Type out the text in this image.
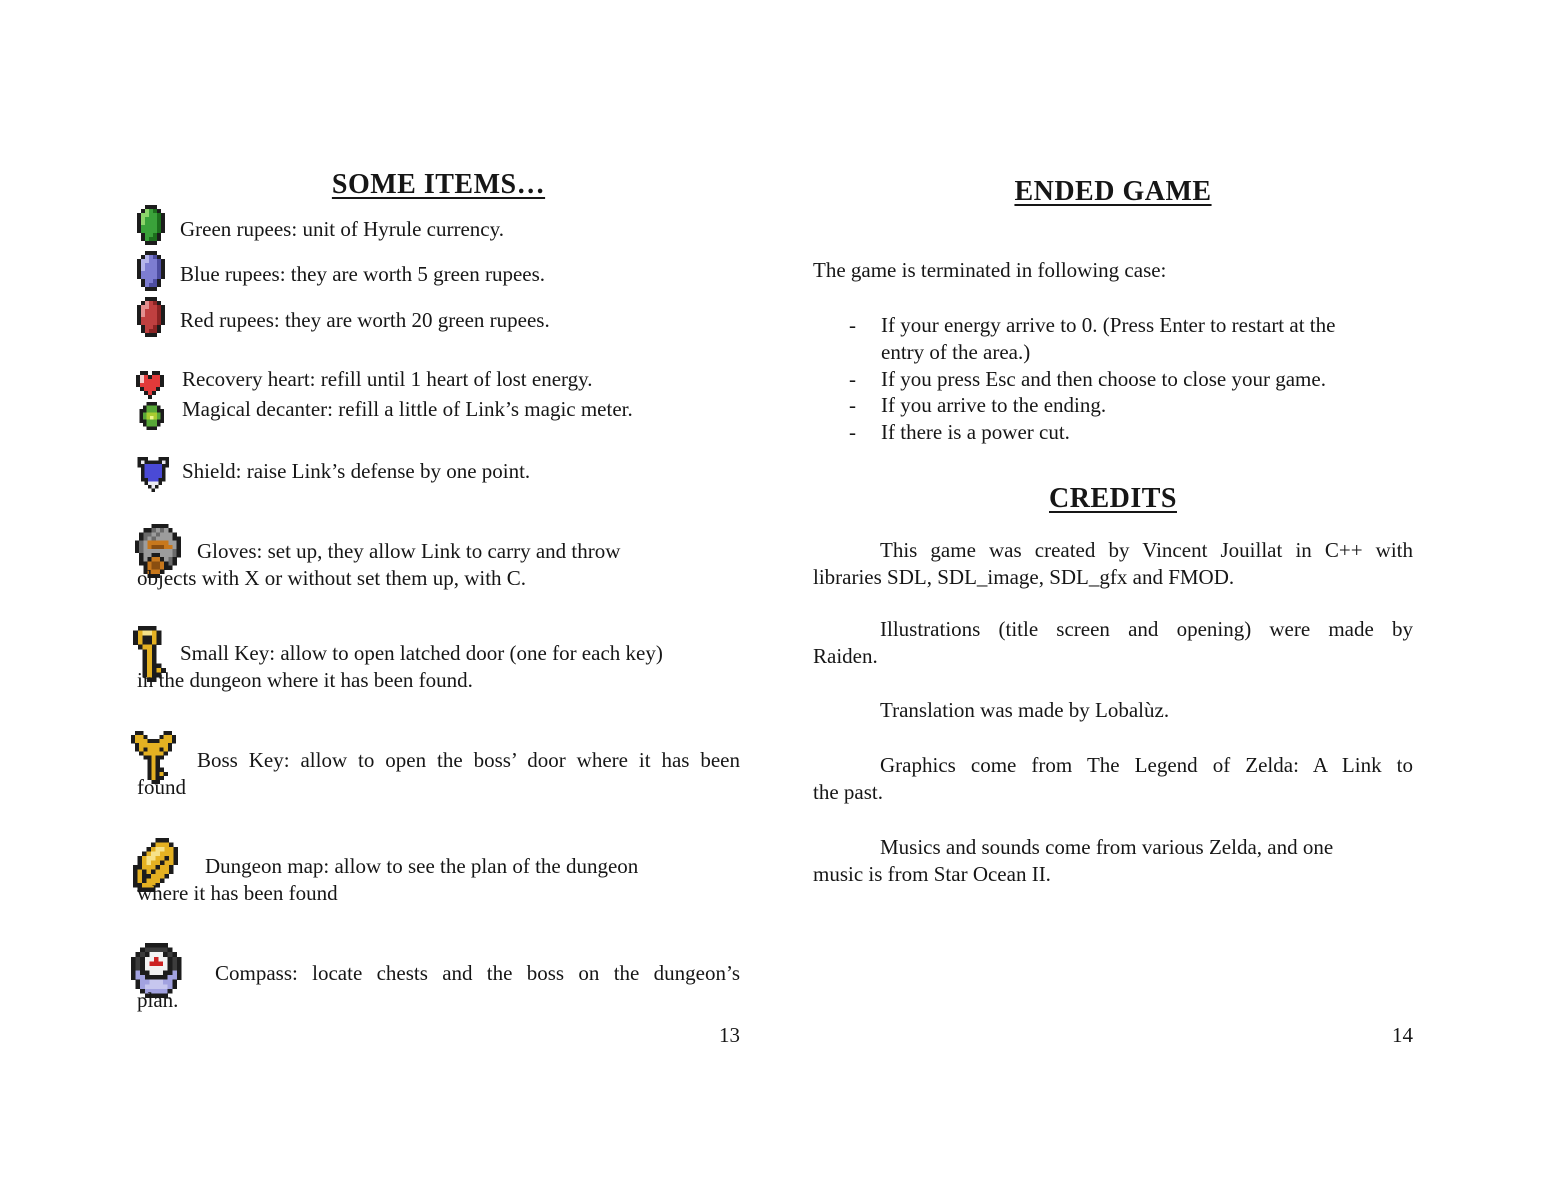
SOME ITEMS…

Green rupees: unit of Hyrule currency.

Blue rupees: they are worth 5 green rupees.

Red rupees: they are worth 20 green rupees.

Recovery heart: refill until 1 heart of lost energy.

Magical decanter: refill a little of Link’s magic meter.

Shield: raise Link’s defense by one point.

Gloves: set up, they allow Link to carry and throw
objects with X or without set them up, with C.

Small Key: allow to open latched door (one for each key)
in the dungeon where it has been found.

Boss Key: allow to open the boss’ door where it has been
found

Dungeon map: allow to see the plan of the dungeon
where it has been found

Compass: locate chests and the boss on the dungeon’s
plan.

13

ENDED GAME

The game is terminated in following case:

-	If your energy arrive to 0. (Press Enter to restart at the
entry of the area.)
-	If you press Esc and then choose to close your game.
-	If you arrive to the ending.
-	If there is a power cut.
CREDITS

This game was created by Vincent Jouillat in C++ with
libraries SDL, SDL_image, SDL_gfx and FMOD.

Illustrations (title screen and opening) were made by
Raiden.

Translation was made by Lobalùz.

Graphics come from The Legend of Zelda: A Link to
the past.

Musics and sounds come from various Zelda, and one
music is from Star Ocean II.

14
